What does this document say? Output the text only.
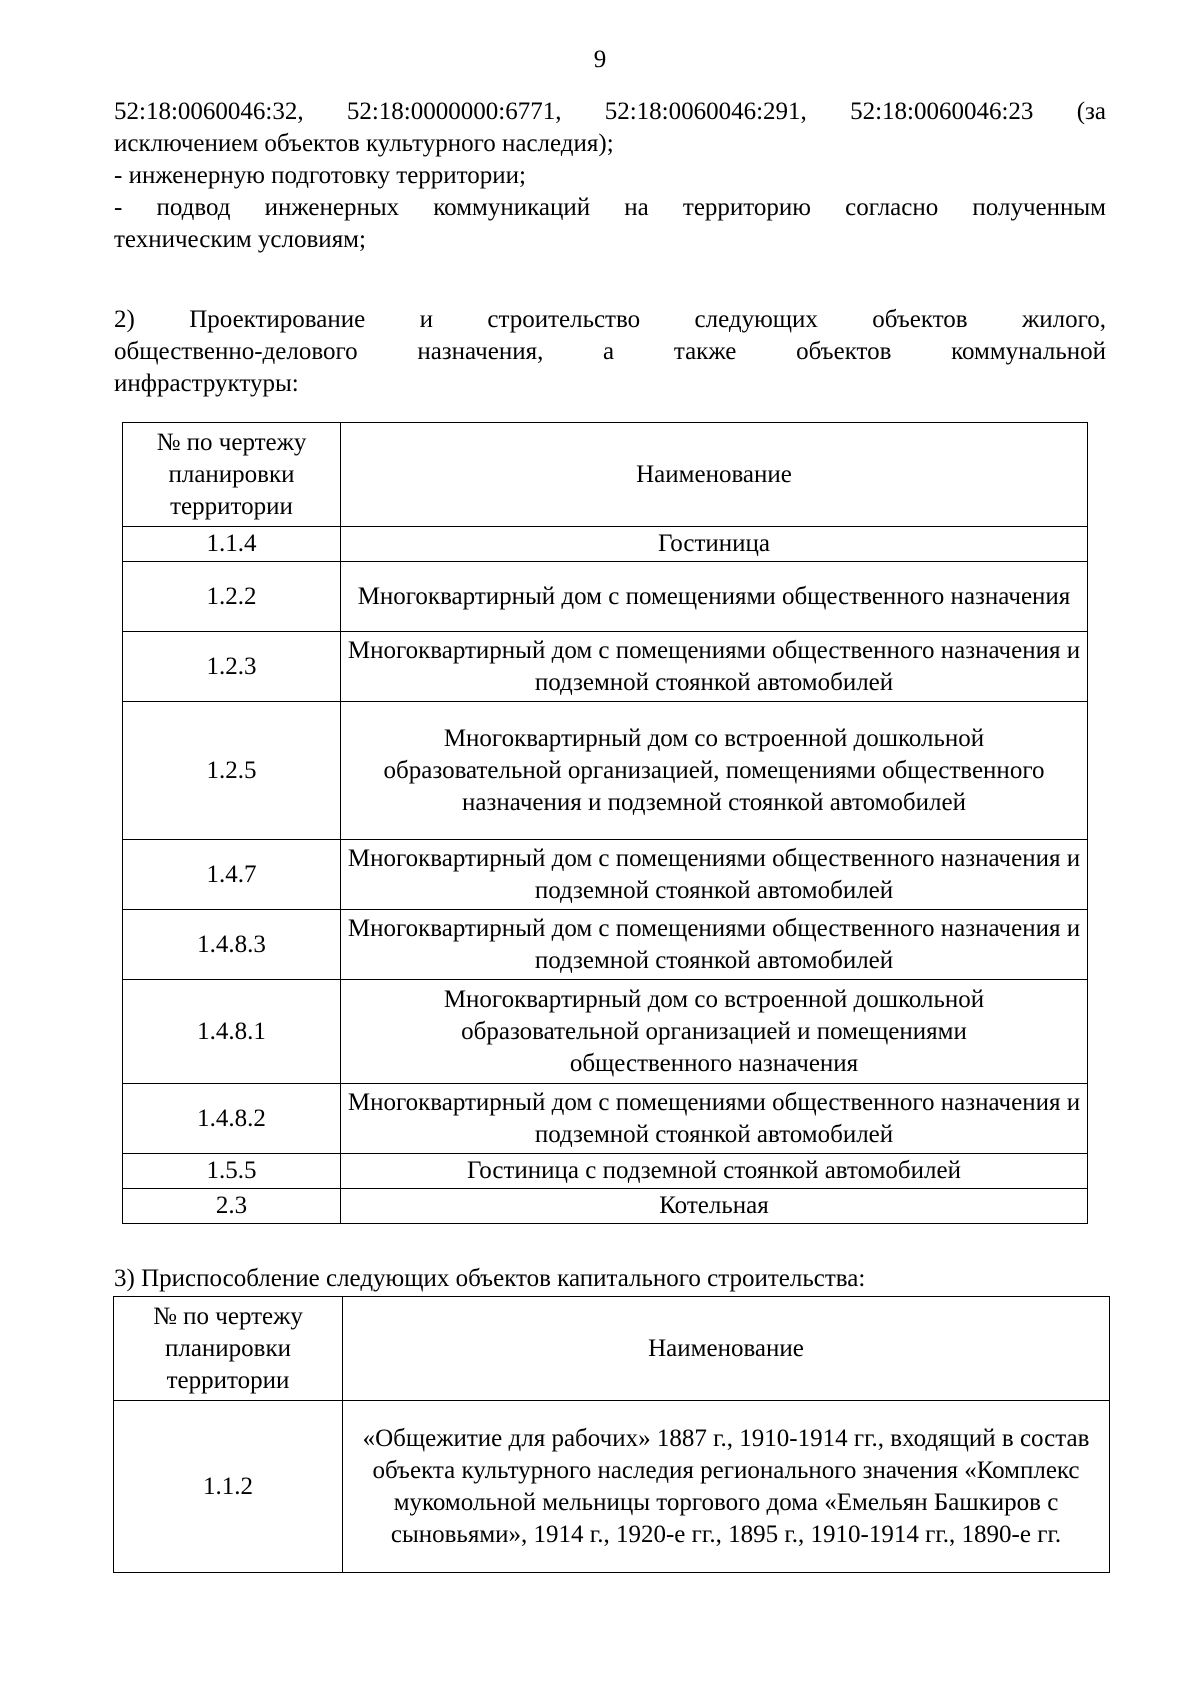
9
52:18:0060046:32, 52:18:0000000:6771, 52:18:0060046:291, 52:18:0060046:23 (за
исключением объектов культурного наследия);
- инженерную подготовку территории;
- подвод инженерных коммуникаций на территорию согласно полученным
техническим условиям;
2) Проектирование и строительство следующих объектов жилого,
общественно-делового назначения, а также объектов коммунальной
инфраструктуры:
№ по чертежу планировки территории	Наименование
1.1.4	Гостиница
1.2.2	Многоквартирный дом с помещениями общественного назначения
1.2.3	Многоквартирный дом с помещениями общественного назначения и подземной стоянкой автомобилей
1.2.5	Многоквартирный дом со встроенной дошкольной образовательной организацией, помещениями общественного назначения и подземной стоянкой автомобилей
1.4.7	Многоквартирный дом с помещениями общественного назначения и подземной стоянкой автомобилей
1.4.8.3	Многоквартирный дом с помещениями общественного назначения и подземной стоянкой автомобилей
1.4.8.1	Многоквартирный дом со встроенной дошкольной образовательной организацией и помещениями общественного назначения
1.4.8.2	Многоквартирный дом с помещениями общественного назначения и подземной стоянкой автомобилей
1.5.5	Гостиница с подземной стоянкой автомобилей
2.3	Котельная
3) Приспособление следующих объектов капитального строительства:
№ по чертежу планировки территории	Наименование
1.1.2	«Общежитие для рабочих» 1887 г., 1910-1914 гг., входящий в состав объекта культурного наследия регионального значения «Комплекс мукомольной мельницы торгового дома «Емельян Башкиров с сыновьями», 1914 г., 1920-е гг., 1895 г., 1910-1914 гг., 1890-е гг.
